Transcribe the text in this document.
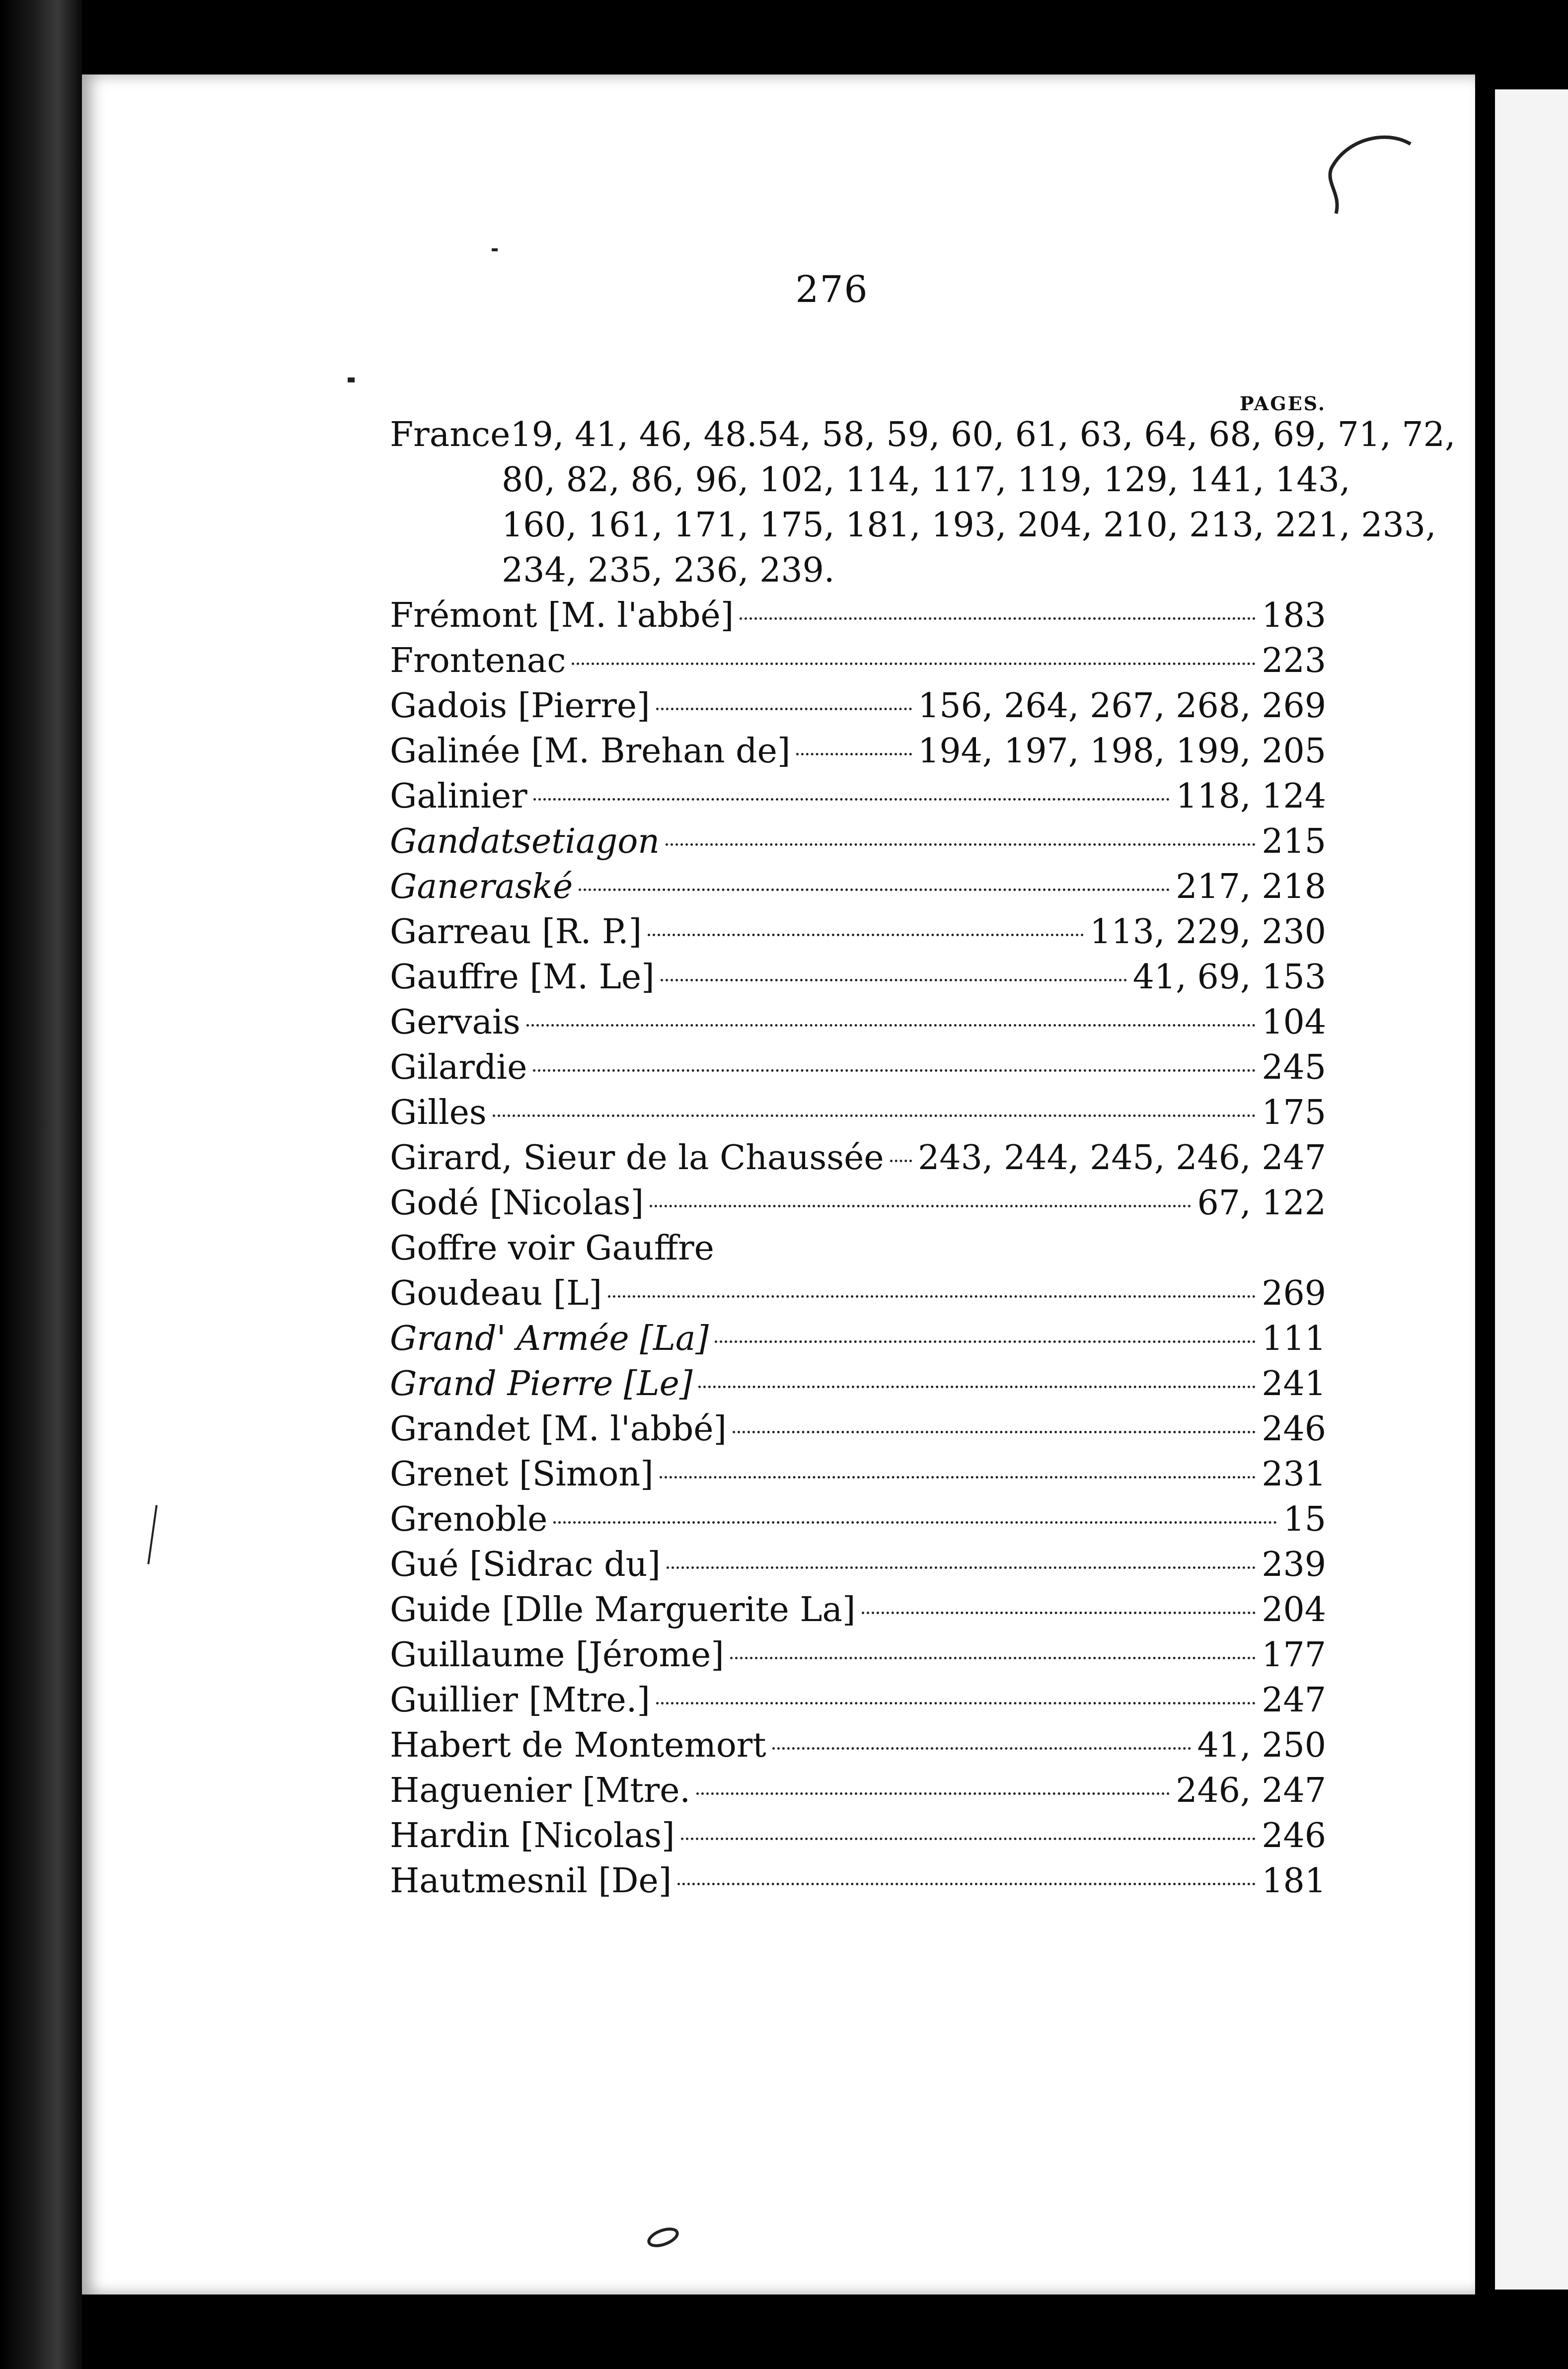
276
PAGES.
France 19, 41, 46, 48.54, 58, 59, 60, 61, 63, 64, 68, 69, 71, 72,
80, 82, 86, 96, 102, 114, 117, 119, 129, 141, 143,
160, 161, 171, 175, 181, 193, 204, 210, 213, 221, 233,
234, 235, 236, 239.
Frémont [M. l'abbé]	183
Frontenac	223
Gadois [Pierre]	156, 264, 267, 268, 269
Galinée [M. Brehan de]	194, 197, 198, 199, 205
Galinier	118, 124
Gandatsetiagon	215
Ganeraské	217, 218
Garreau [R. P.]	113, 229, 230
Gauffre [M. Le]	41, 69, 153
Gervais	104
Gilardie	245
Gilles	175
Girard, Sieur de la Chaussée 243, 244, 245, 246, 247
Godé [Nicolas]	67, 122
Goffre voir Gauffre
Goudeau [L]	269
Grand' Armée [La]	111
Grand Pierre [Le]	241
Grandet [M. l'abbé]	246
Grenet [Simon]	231
Grenoble	15
Gué [Sidrac du]	239
Guide [Dlle Marguerite La]	204
Guillaume [Jérome]	177
Guillier [Mtre.]	247
Habert de Montemort	41, 250
Haguenier [Mtre.	246, 247
Hardin [Nicolas]	246
Hautmesnil [De]	181
